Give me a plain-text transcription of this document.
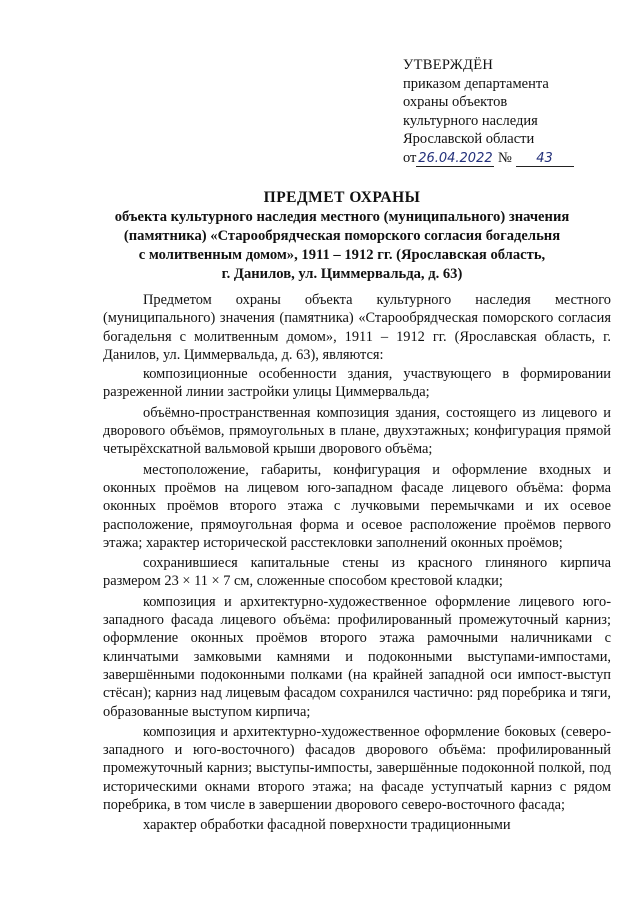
УТВЕРЖДЁН
приказом департамента
охраны объектов
культурного наследия
Ярославской области
от 26.04.2022 № 43
ПРЕДМЕТ ОХРАНЫ
объекта культурного наследия местного (муниципального) значения
(памятника) «Старообрядческая поморского согласия богадельня
с молитвенным домом», 1911 – 1912 гг. (Ярославская область,
г. Данилов, ул. Циммервальда, д. 63)

Предметом охраны объекта культурного наследия местного (муниципального) значения (памятника) «Старообрядческая поморского согласия богадельня с молитвенным домом», 1911 – 1912 гг. (Ярославская область, г. Данилов, ул. Циммервальда, д. 63), являются:

композиционные особенности здания, участвующего в формировании разреженной линии застройки улицы Циммервальда;

объёмно-пространственная композиция здания, состоящего из лицевого и дворового объёмов, прямоугольных в плане, двухэтажных; конфигурация прямой четырёхскатной вальмовой крыши дворового объёма;

местоположение, габариты, конфигурация и оформление входных и оконных проёмов на лицевом юго-западном фасаде лицевого объёма: форма оконных проёмов второго этажа с лучковыми перемычками и их осевое расположение, прямоугольная форма и осевое расположение проёмов первого этажа; характер исторической расстекловки заполнений оконных проёмов;

сохранившиеся капитальные стены из красного глиняного кирпича размером 23 × 11 × 7 см, сложенные способом крестовой кладки;

композиция и архитектурно-художественное оформление лицевого юго-западного фасада лицевого объёма: профилированный промежуточный карниз; оформление оконных проёмов второго этажа рамочными наличниками с клинчатыми замковыми камнями и подоконными выступами-импостами, завершёнными подоконными полками (на крайней западной оси импост-выступ стёсан); карниз над лицевым фасадом сохранился частично: ряд поребрика и тяги, образованные выступом кирпича;

композиция и архитектурно-художественное оформление боковых (северо-западного и юго-восточного) фасадов дворового объёма: профилированный промежуточный карниз; выступы-импосты, завершённые подоконной полкой, под историческими окнами второго этажа; на фасаде уступчатый карниз с рядом поребрика, в том числе в завершении дворового северо-восточного фасада;

характер обработки фасадной поверхности традиционными
